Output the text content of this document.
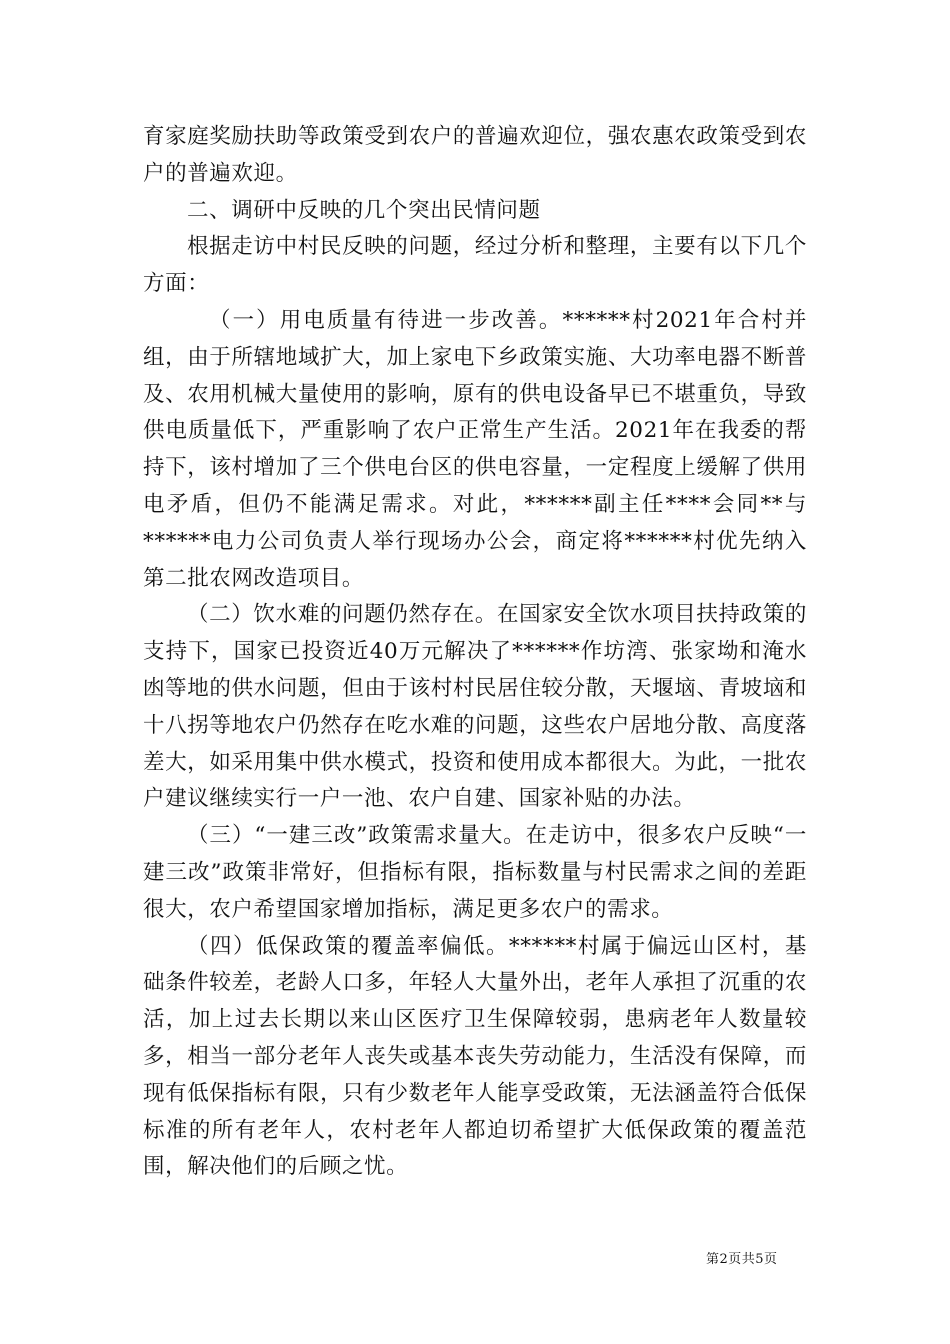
育家庭奖励扶助等政策受到农户的普遍欢迎位，强农惠农政策受到农户的普遍欢迎。

二、调研中反映的几个突出民情问题

根据走访中村民反映的问题，经过分析和整理，主要有以下几个方面：

（一）用电质量有待进一步改善。******村2021年合村并组，由于所辖地域扩大，加上家电下乡政策实施、大功率电器不断普及、农用机械大量使用的影响，原有的供电设备早已不堪重负，导致供电质量低下，严重影响了农户正常生产生活。2021年在我委的帮持下，该村增加了三个供电台区的供电容量，一定程度上缓解了供用电矛盾，但仍不能满足需求。对此，******副主任****会同**与******电力公司负责人举行现场办公会，商定将******村优先纳入第二批农网改造项目。

（二）饮水难的问题仍然存在。在国家安全饮水项目扶持政策的支持下，国家已投资近40万元解决了******作坊湾、张家坳和淹水凼等地的供水问题，但由于该村村民居住较分散，天堰垴、青坡垴和十八拐等地农户仍然存在吃水难的问题，这些农户居地分散、高度落差大，如采用集中供水模式，投资和使用成本都很大。为此，一批农户建议继续实行一户一池、农户自建、国家补贴的办法。

（三）“一建三改”政策需求量大。在走访中，很多农户反映“一建三改”政策非常好，但指标有限，指标数量与村民需求之间的差距很大，农户希望国家增加指标，满足更多农户的需求。

（四）低保政策的覆盖率偏低。******村属于偏远山区村，基础条件较差，老龄人口多，年轻人大量外出，老年人承担了沉重的农活，加上过去长期以来山区医疗卫生保障较弱，患病老年人数量较多，相当一部分老年人丧失或基本丧失劳动能力，生活没有保障，而现有低保指标有限，只有少数老年人能享受政策，无法涵盖符合低保标准的所有老年人，农村老年人都迫切希望扩大低保政策的覆盖范围，解决他们的后顾之忧。

第2页共5页
